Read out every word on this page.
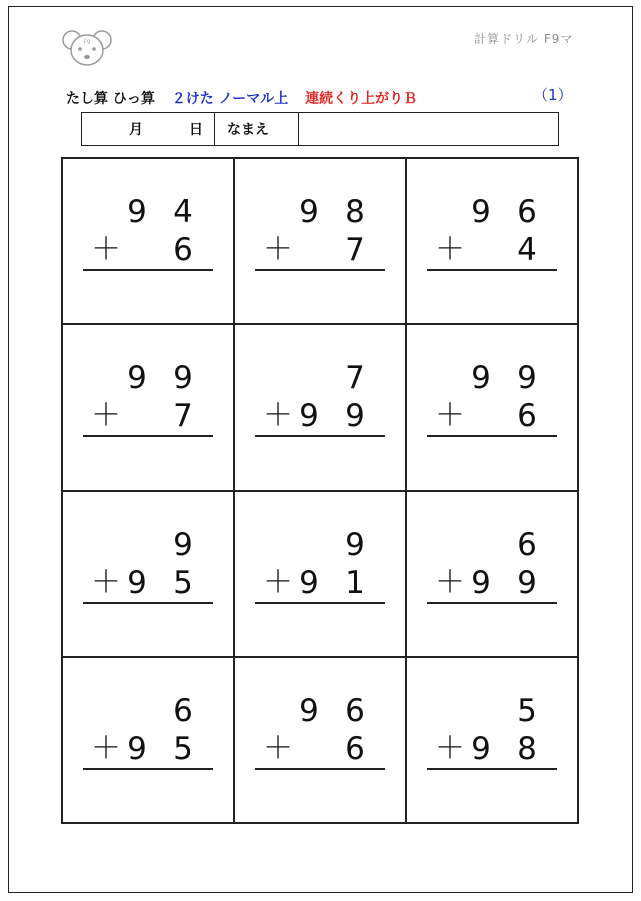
F9	計算ドリル F9マ
たし算 ひっ算 ２けた ノーマル上 連続くり上がりＢ	（1）
月	日	なまえ
9 4
＋ 6
9 8
＋ 7
9 6
＋ 4
9 9
＋ 7
7
＋ 9 9
9 9
＋ 6
9
＋ 9 5
9
＋ 9 1
6
＋ 9 9
6
＋ 9 5
9 6
＋ 6
5
＋ 9 8
